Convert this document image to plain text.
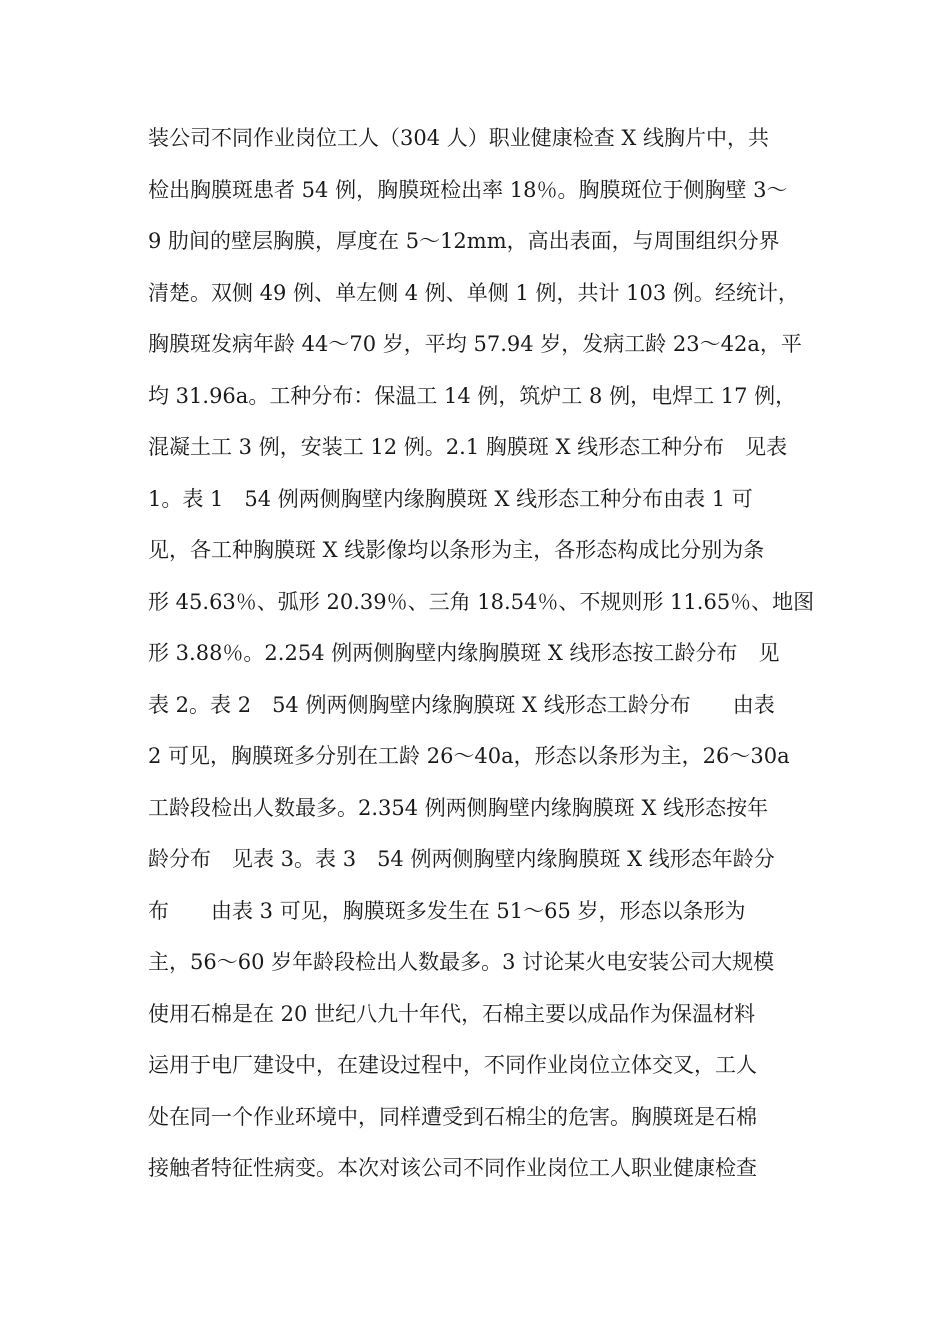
装公司不同作业岗位工人（304 人）职业健康检查 X 线胸片中，共
检出胸膜斑患者 54 例，胸膜斑检出率 18％。胸膜斑位于侧胸壁 3～
9 肋间的壁层胸膜，厚度在 5～12mm，高出表面，与周围组织分界
清楚。双侧 49 例、单左侧 4 例、单侧 1 例，共计 103 例。经统计，
胸膜斑发病年龄 44～70 岁，平均 57.94 岁，发病工龄 23～42a，平
均 31.96a。工种分布：保温工 14 例，筑炉工 8 例，电焊工 17 例，
混凝土工 3 例，安装工 12 例。2.1 胸膜斑 X 线形态工种分布　见表
1。表 1　54 例两侧胸壁内缘胸膜斑 X 线形态工种分布由表 1 可
见，各工种胸膜斑 X 线影像均以条形为主，各形态构成比分别为条
形 45.63％、弧形 20.39％、三角 18.54％、不规则形 11.65％、地图
形 3.88％。2.254 例两侧胸壁内缘胸膜斑 X 线形态按工龄分布　见
表 2。表 2　54 例两侧胸壁内缘胸膜斑 X 线形态工龄分布　　由表
2 可见，胸膜斑多分别在工龄 26～40a，形态以条形为主，26～30a
工龄段检出人数最多。2.354 例两侧胸壁内缘胸膜斑 X 线形态按年
龄分布　见表 3。表 3　54 例两侧胸壁内缘胸膜斑 X 线形态年龄分
布　　由表 3 可见，胸膜斑多发生在 51～65 岁，形态以条形为
主，56～60 岁年龄段检出人数最多。3 讨论某火电安装公司大规模
使用石棉是在 20 世纪八九十年代，石棉主要以成品作为保温材料
运用于电厂建设中，在建设过程中，不同作业岗位立体交叉，工人
处在同一个作业环境中，同样遭受到石棉尘的危害。胸膜斑是石棉
接触者特征性病变。本次对该公司不同作业岗位工人职业健康检查
